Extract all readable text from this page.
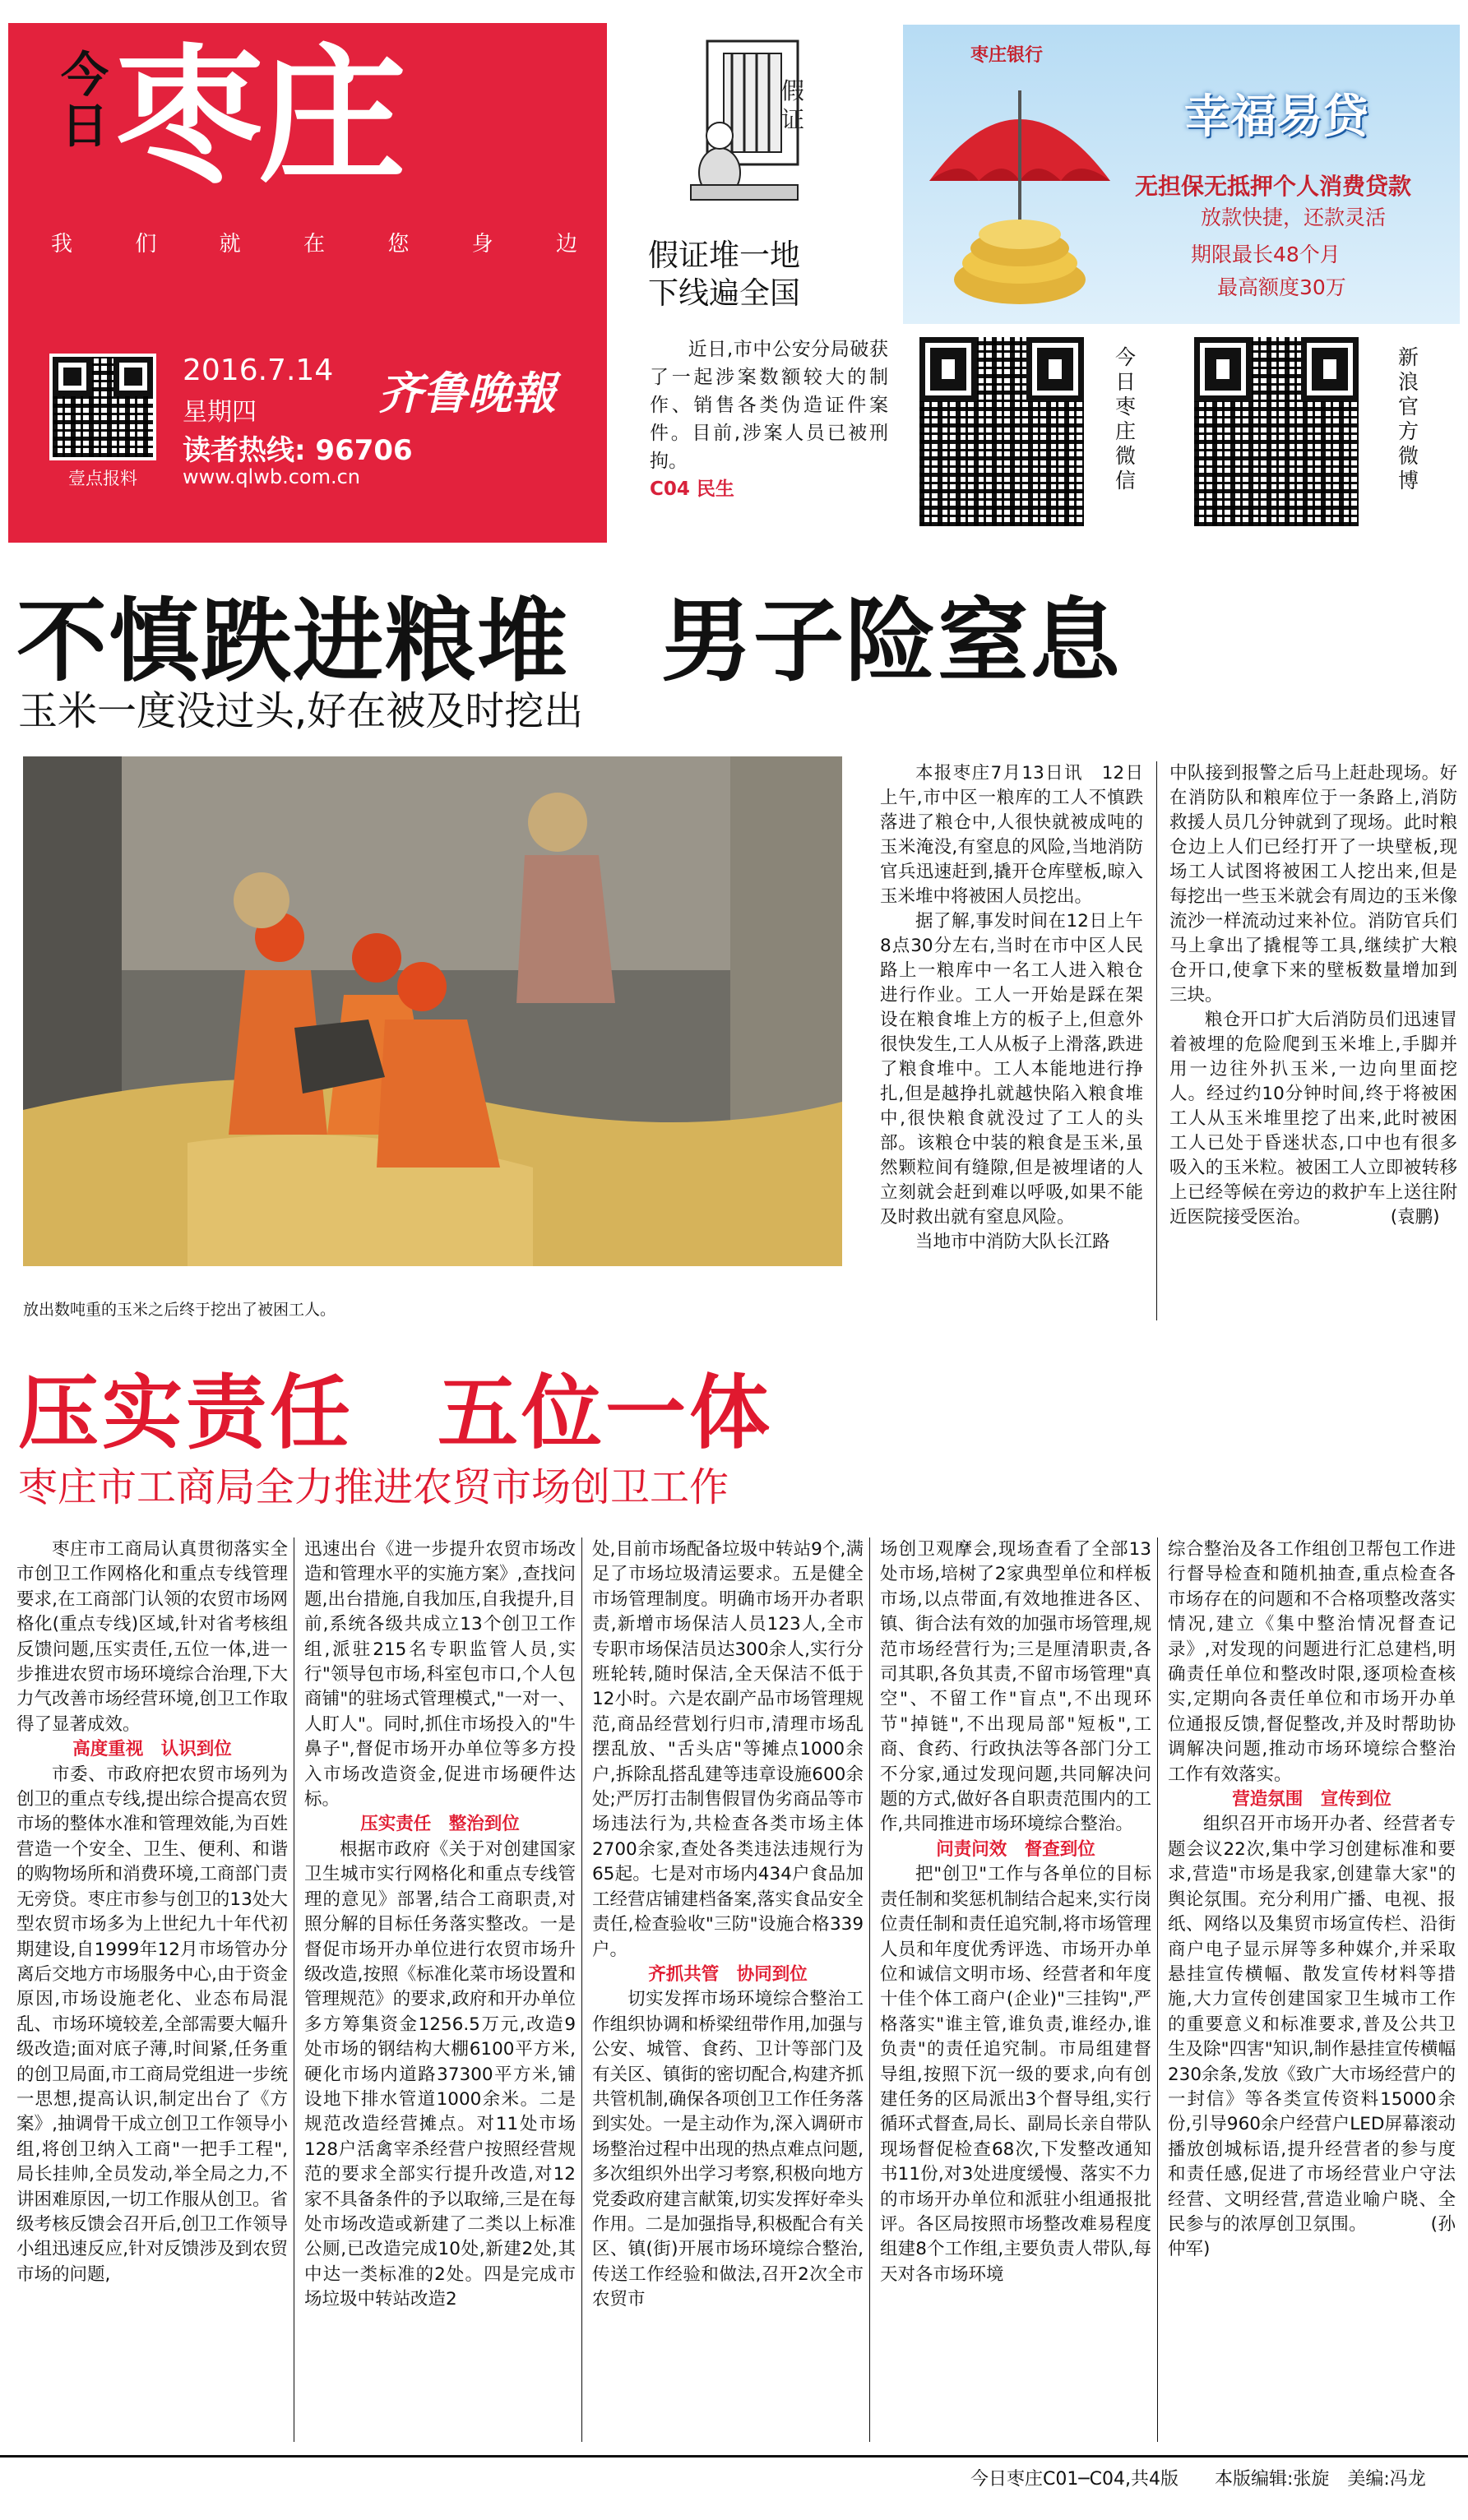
今日 枣庄
我	们	就	在	您	身	边
壹点报料
2016.7.14
星期四
读者热线: 96706
www.qlwb.com.cn
齐鲁晚報
假
证
假证堆一地
下线遍全国
近日,市中公安分局破获了一起涉案数额较大的制作、销售各类伪造证件案件。目前,涉案人员已被刑拘。
C04 民生
枣庄银行
幸福易贷
无担保无抵押个人消费贷款
放款快捷，还款灵活
期限最长48个月
最高额度30万
今日枣庄微信
新浪官方微博
不慎跌进粮堆　男子险窒息
玉米一度没过头,好在被及时挖出
放出数吨重的玉米之后终于挖出了被困工人。

本报枣庄7月13日讯　12日上午,市中区一粮库的工人不慎跌落进了粮仓中,人很快就被成吨的玉米淹没,有窒息的风险,当地消防官兵迅速赶到,撬开仓库壁板,晾入玉米堆中将被困人员挖出。

据了解,事发时间在12日上午8点30分左右,当时在市中区人民路上一粮库中一名工人进入粮仓进行作业。工人一开始是踩在架设在粮食堆上方的板子上,但意外很快发生,工人从板子上滑落,跌进了粮食堆中。工人本能地进行挣扎,但是越挣扎就越快陷入粮食堆中,很快粮食就没过了工人的头部。该粮仓中装的粮食是玉米,虽然颗粒间有缝隙,但是被埋诸的人立刻就会赶到难以呼吸,如果不能及时救出就有窒息风险。

当地市中消防大队长江路

中队接到报警之后马上赶赴现场。好在消防队和粮库位于一条路上,消防救援人员几分钟就到了现场。此时粮仓边上人们已经打开了一块壁板,现场工人试图将被困工人挖出来,但是每挖出一些玉米就会有周边的玉米像流沙一样流动过来补位。消防官兵们马上拿出了撬棍等工具,继续扩大粮仓开口,使拿下来的壁板数量增加到三块。

粮仓开口扩大后消防员们迅速冒着被埋的危险爬到玉米堆上,手脚并用一边往外扒玉米,一边向里面挖人。经过约10分钟时间,终于将被困工人从玉米堆里挖了出来,此时被困工人已处于昏迷状态,口中也有很多吸入的玉米粒。被困工人立即被转移上已经等候在旁边的救护车上送往附近医院接受医治。　　　　　(袁鹏)

压实责任　五位一体
枣庄市工商局全力推进农贸市场创卫工作

枣庄市工商局认真贯彻落实全市创卫工作网格化和重点专线管理要求,在工商部门认领的农贸市场网格化(重点专线)区域,针对省考核组反馈问题,压实责任,五位一体,进一步推进农贸市场环境综合治理,下大力气改善市场经营环境,创卫工作取得了显著成效。

高度重视　认识到位

市委、市政府把农贸市场列为创卫的重点专线,提出综合提高农贸市场的整体水准和管理效能,为百姓营造一个安全、卫生、便利、和谐的购物场所和消费环境,工商部门责无旁贷。枣庄市参与创卫的13处大型农贸市场多为上世纪九十年代初期建设,自1999年12月市场管办分离后交地方市场服务中心,由于资金原因,市场设施老化、业态布局混乱、市场环境较差,全部需要大幅升级改造;面对底子薄,时间紧,任务重的创卫局面,市工商局党组进一步统一思想,提高认识,制定出台了《方案》,抽调骨干成立创卫工作领导小组,将创卫纳入工商"一把手工程",局长挂帅,全员发动,举全局之力,不讲困难原因,一切工作服从创卫。省级考核反馈会召开后,创卫工作领导小组迅速反应,针对反馈涉及到农贸市场的问题,

迅速出台《进一步提升农贸市场改造和管理水平的实施方案》,查找问题,出台措施,自我加压,自我提升,目前,系统各级共成立13个创卫工作组,派驻215名专职监管人员,实行"领导包市场,科室包市口,个人包商铺"的驻场式管理模式,"一对一、人盯人"。同时,抓住市场投入的"牛鼻子",督促市场开办单位等多方投入市场改造资金,促进市场硬件达标。

压实责任　整治到位

根据市政府《关于对创建国家卫生城市实行网格化和重点专线管理的意见》部署,结合工商职责,对照分解的目标任务落实整改。一是督促市场开办单位进行农贸市场升级改造,按照《标准化菜市场设置和管理规范》的要求,政府和开办单位多方筹集资金1256.5万元,改造9处市场的钢结构大棚6100平方米,硬化市场内道路37300平方米,铺设地下排水管道1000余米。二是规范改造经营摊点。对11处市场128户活禽宰杀经营户按照经营规范的要求全部实行提升改造,对12家不具备条件的予以取缔,三是在每处市场改造或新建了二类以上标准公厕,已改造完成10处,新建2处,其中达一类标准的2处。四是完成市场垃圾中转站改造2

处,目前市场配备垃圾中转站9个,满足了市场垃圾清运要求。五是健全市场管理制度。明确市场开办者职责,新增市场保洁人员123人,全市专职市场保洁员达300余人,实行分班轮转,随时保洁,全天保洁不低于12小时。六是农副产品市场管理规范,商品经营划行归市,清理市场乱摆乱放、"舌头店"等摊点1000余户,拆除乱搭乱建等违章设施600余处;严厉打击制售假冒伪劣商品等市场违法行为,共检查各类市场主体2700余家,查处各类违法违规行为65起。七是对市场内434户食品加工经营店铺建档备案,落实食品安全责任,检查验收"三防"设施合格339户。

齐抓共管　协同到位

切实发挥市场环境综合整治工作组织协调和桥梁纽带作用,加强与公安、城管、食药、卫计等部门及有关区、镇街的密切配合,构建齐抓共管机制,确保各项创卫工作任务落到实处。一是主动作为,深入调研市场整治过程中出现的热点难点问题,多次组织外出学习考察,积极向地方党委政府建言献策,切实发挥好牵头作用。二是加强指导,积极配合有关区、镇(街)开展市场环境综合整治,传送工作经验和做法,召开2次全市农贸市

场创卫观摩会,现场查看了全部13处市场,培树了2家典型单位和样板市场,以点带面,有效地推进各区、镇、街合法有效的加强市场管理,规范市场经营行为;三是厘清职责,各司其职,各负其责,不留市场管理"真空"、不留工作"盲点",不出现环节"掉链",不出现局部"短板",工商、食药、行政执法等各部门分工不分家,通过发现问题,共同解决问题的方式,做好各自职责范围内的工作,共同推进市场环境综合整治。

问责问效　督查到位

把"创卫"工作与各单位的目标责任制和奖惩机制结合起来,实行岗位责任制和责任追究制,将市场管理人员和年度优秀评选、市场开办单位和诚信文明市场、经营者和年度十佳个体工商户(企业)"三挂钩",严格落实"谁主管,谁负责,谁经办,谁负责"的责任追究制。市局组建督导组,按照下沉一级的要求,向有创建任务的区局派出3个督导组,实行循环式督查,局长、副局长亲自带队现场督促检查68次,下发整改通知书11份,对3处进度缓慢、落实不力的市场开办单位和派驻小组通报批评。各区局按照市场整改难易程度组建8个工作组,主要负责人带队,每天对各市场环境

综合整治及各工作组创卫帮包工作进行督导检查和随机抽查,重点检查各市场存在的问题和不合格项整改落实情况,建立《集中整治情况督查记录》,对发现的问题进行汇总建档,明确责任单位和整改时限,逐项检查核实,定期向各责任单位和市场开办单位通报反馈,督促整改,并及时帮助协调解决问题,推动市场环境综合整治工作有效落实。

营造氛围　宣传到位

组织召开市场开办者、经营者专题会议22次,集中学习创建标准和要求,营造"市场是我家,创建靠大家"的舆论氛围。充分利用广播、电视、报纸、网络以及集贸市场宣传栏、沿街商户电子显示屏等多种媒介,并采取悬挂宣传横幅、散发宣传材料等措施,大力宣传创建国家卫生城市工作的重要意义和标准要求,普及公共卫生及除"四害"知识,制作悬挂宣传横幅230余条,发放《致广大市场经营户的一封信》等各类宣传资料15000余份,引导960余户经营户LED屏幕滚动播放创城标语,提升经营者的参与度和责任感,促进了市场经营业户守法经营、文明经营,营造业喻户晓、全民参与的浓厚创卫氛围。　　　　(孙仲军)

今日枣庄C01─C04,共4版　　本版编辑:张旋　美编:冯龙
